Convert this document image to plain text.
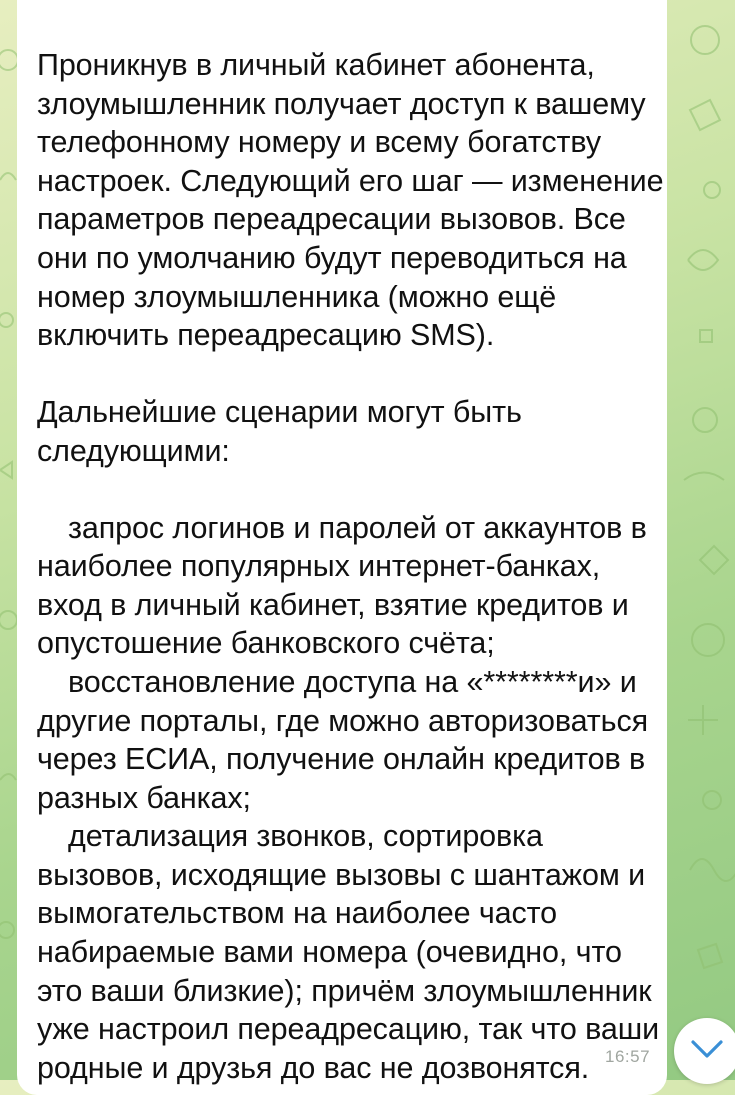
Проникнув в личный кабинет абонента,
злоумышленник получает доступ к вашему
телефонному номеру и всему богатству
настроек. Следующий его шаг — изменение
параметров переадресации вызовов. Все
они по умолчанию будут переводиться на
номер злоумышленника (можно ещё
включить переадресацию SMS).
Дальнейшие сценарии могут быть
следующими:
запрос логинов и паролей от аккаунтов в
наиболее популярных интернет-банках,
вход в личный кабинет, взятие кредитов и
опустошение банковского счёта;
восстановление доступа на «********и» и
другие порталы, где можно авторизоваться
через ЕСИА, получение онлайн кредитов в
разных банках;
детализация звонков, сортировка
вызовов, исходящие вызовы с шантажом и
вымогательством на наиболее часто
набираемые вами номера (очевидно, что
это ваши близкие); причём злоумышленник
уже настроил переадресацию, так что ваши
родные и друзья до вас не дозвонятся. 16:57
